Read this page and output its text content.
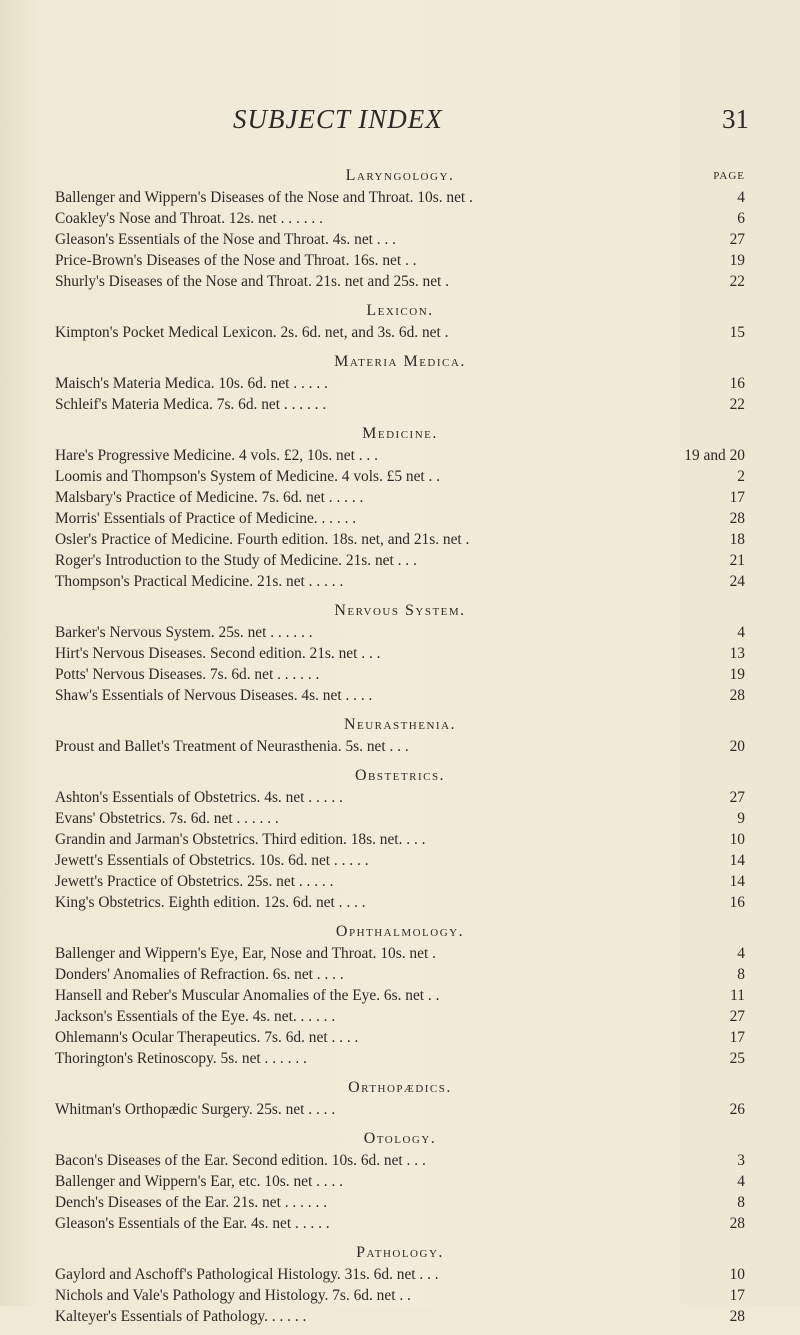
SUBJECT INDEX	31
Laryngology.	PAGE
Ballenger and Wippern's Diseases of the Nose and Throat. 10s. net .	4
Coakley's Nose and Throat. 12s. net . . . . . .	6
Gleason's Essentials of the Nose and Throat. 4s. net . . .	27
Price-Brown's Diseases of the Nose and Throat. 16s. net . .	19
Shurly's Diseases of the Nose and Throat. 21s. net and 25s. net .	22
Lexicon.
Kimpton's Pocket Medical Lexicon. 2s. 6d. net, and 3s. 6d. net .	15
Materia Medica.
Maisch's Materia Medica. 10s. 6d. net . . . . .	16
Schleif's Materia Medica. 7s. 6d. net . . . . . .	22
Medicine.
Hare's Progressive Medicine. 4 vols. £2, 10s. net . . .	19 and 20
Loomis and Thompson's System of Medicine. 4 vols. £5 net . .	2
Malsbary's Practice of Medicine. 7s. 6d. net . . . . .	17
Morris' Essentials of Practice of Medicine. . . . . .	28
Osler's Practice of Medicine. Fourth edition. 18s. net, and 21s. net .	18
Roger's Introduction to the Study of Medicine. 21s. net . . .	21
Thompson's Practical Medicine. 21s. net . . . . .	24
Nervous System.
Barker's Nervous System. 25s. net . . . . . .	4
Hirt's Nervous Diseases. Second edition. 21s. net . . .	13
Potts' Nervous Diseases. 7s. 6d. net . . . . . .	19
Shaw's Essentials of Nervous Diseases. 4s. net . . . .	28
Neurasthenia.
Proust and Ballet's Treatment of Neurasthenia. 5s. net . . .	20
Obstetrics.
Ashton's Essentials of Obstetrics. 4s. net . . . . .	27
Evans' Obstetrics. 7s. 6d. net . . . . . .	9
Grandin and Jarman's Obstetrics. Third edition. 18s. net. . . .	10
Jewett's Essentials of Obstetrics. 10s. 6d. net . . . . .	14
Jewett's Practice of Obstetrics. 25s. net . . . . .	14
King's Obstetrics. Eighth edition. 12s. 6d. net . . . .	16
Ophthalmology.
Ballenger and Wippern's Eye, Ear, Nose and Throat. 10s. net .	4
Donders' Anomalies of Refraction. 6s. net . . . .	8
Hansell and Reber's Muscular Anomalies of the Eye. 6s. net . .	11
Jackson's Essentials of the Eye. 4s. net. . . . . .	27
Ohlemann's Ocular Therapeutics. 7s. 6d. net . . . .	17
Thorington's Retinoscopy. 5s. net . . . . . .	25
Orthopædics.
Whitman's Orthopædic Surgery. 25s. net . . . .	26
Otology.
Bacon's Diseases of the Ear. Second edition. 10s. 6d. net . . .	3
Ballenger and Wippern's Ear, etc. 10s. net . . . .	4
Dench's Diseases of the Ear. 21s. net . . . . . .	8
Gleason's Essentials of the Ear. 4s. net . . . . .	28
Pathology.
Gaylord and Aschoff's Pathological Histology. 31s. 6d. net . . .	10
Nichols and Vale's Pathology and Histology. 7s. 6d. net . .	17
Kalteyer's Essentials of Pathology. . . . . .	28
